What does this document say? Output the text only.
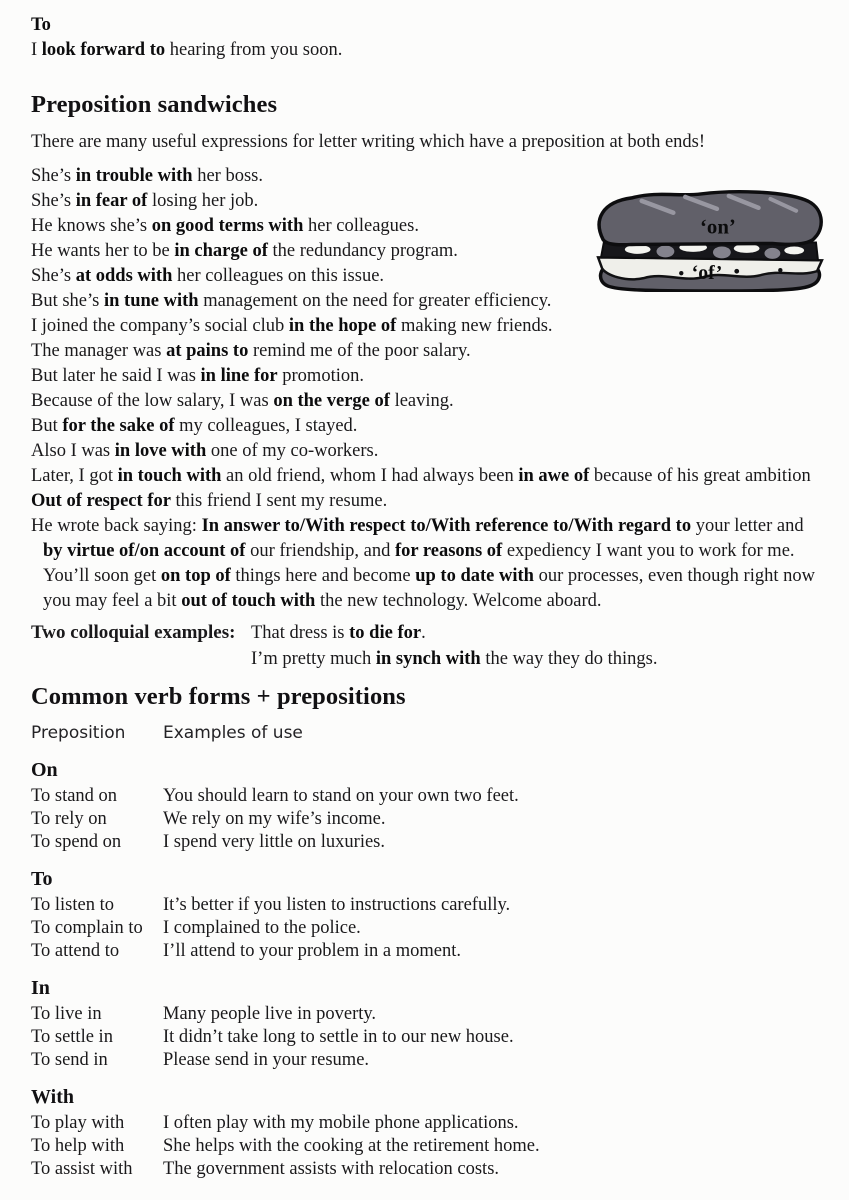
To
I look forward to hearing from you soon.
Preposition sandwiches
There are many useful expressions for letter writing which have a preposition at both ends!
She’s in trouble with her boss.
She’s in fear of losing her job.
He knows she’s on good terms with her colleagues.
He wants her to be in charge of the redundancy program.
She’s at odds with her colleagues on this issue.
But she’s in tune with management on the need for greater efficiency.
I joined the company’s social club in the hope of making new friends.
The manager was at pains to remind me of the poor salary.
But later he said I was in line for promotion.
Because of the low salary, I was on the verge of leaving.
But for the sake of my colleagues, I stayed.
Also I was in love with one of my co-workers.
Later, I got in touch with an old friend, whom I had always been in awe of because of his great ambition
Out of respect for this friend I sent my resume.
He wrote back saying: In answer to/With respect to/With reference to/With regard to your letter and
by virtue of/on account of our friendship, and for reasons of expediency I want you to work for me.
You’ll soon get on top of things here and become up to date with our processes, even though right now
you may feel a bit out of touch with the new technology. Welcome aboard.
Two colloquial examples: That dress is to die for.
I’m pretty much in synch with the way they do things.
Common verb forms + prepositions
Preposition	Examples of use
On
To stand on	You should learn to stand on your own two feet.
To rely on	We rely on my wife’s income.
To spend on	I spend very little on luxuries.
To
To listen to	It’s better if you listen to instructions carefully.
To complain to	I complained to the police.
To attend to	I’ll attend to your problem in a moment.
In
To live in	Many people live in poverty.
To settle in	It didn’t take long to settle in to our new house.
To send in	Please send in your resume.
With
To play with	I often play with my mobile phone applications.
To help with	She helps with the cooking at the retirement home.
To assist with	The government assists with relocation costs.
‘on’
‘of’
